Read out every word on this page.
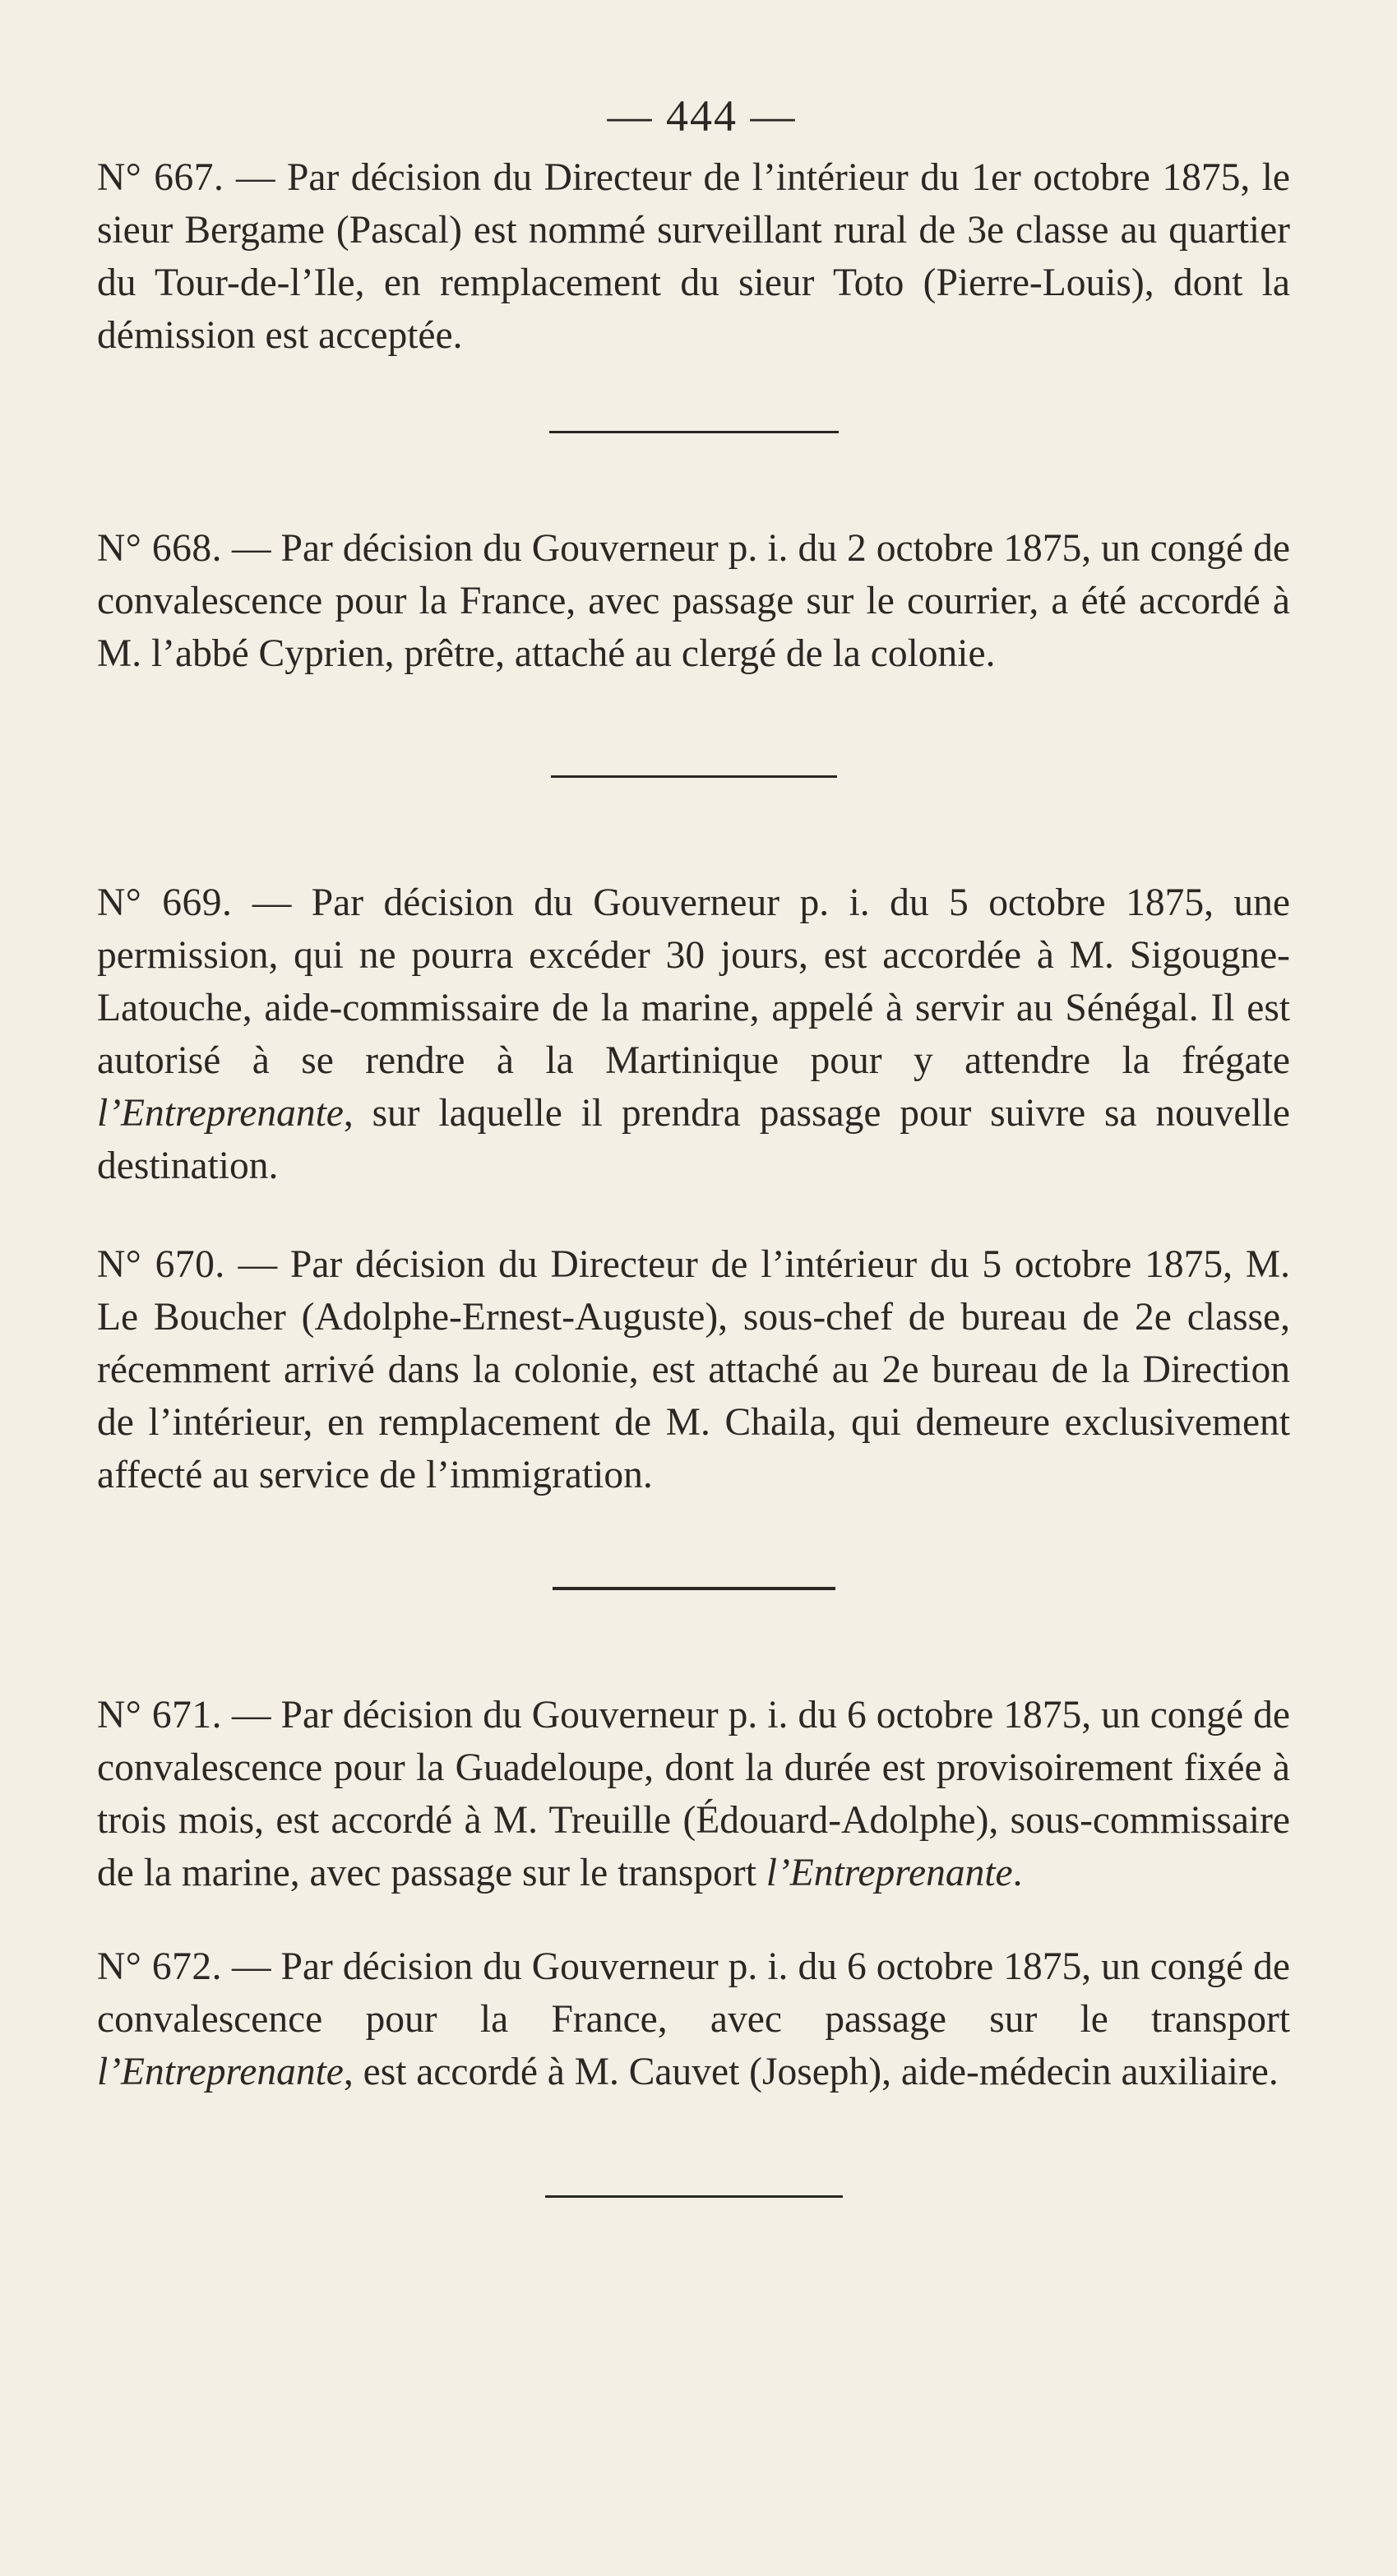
— 444 —

N° 667. — Par décision du Directeur de l’intérieur du 1er octobre 1875, le sieur Bergame (Pascal) est nommé surveillant rural de 3e classe au quartier du Tour-de-l’Ile, en remplacement du sieur Toto (Pierre-Louis), dont la démission est acceptée.

N° 668. — Par décision du Gouverneur p. i. du 2 octobre 1875, un congé de convalescence pour la France, avec passage sur le courrier, a été accordé à M. l’abbé Cyprien, prêtre, attaché au clergé de la colonie.

N° 669. — Par décision du Gouverneur p. i. du 5 octobre 1875, une permission, qui ne pourra excéder 30 jours, est accordée à M. Sigougne-Latouche, aide-commissaire de la marine, appelé à servir au Sénégal. Il est autorisé à se rendre à la Martinique pour y attendre la frégate l’Entreprenante, sur laquelle il prendra passage pour suivre sa nouvelle destination.

N° 670. — Par décision du Directeur de l’intérieur du 5 octobre 1875, M. Le Boucher (Adolphe-Ernest-Auguste), sous-chef de bureau de 2e classe, récemment arrivé dans la colonie, est attaché au 2e bureau de la Direction de l’intérieur, en remplacement de M. Chaila, qui demeure exclusivement affecté au service de l’immigration.

N° 671. — Par décision du Gouverneur p. i. du 6 octobre 1875, un congé de convalescence pour la Guadeloupe, dont la durée est provisoirement fixée à trois mois, est accordé à M. Treuille (Édouard-Adolphe), sous-commissaire de la marine, avec passage sur le transport l’Entreprenante.

N° 672. — Par décision du Gouverneur p. i. du 6 octobre 1875, un congé de convalescence pour la France, avec passage sur le transport l’Entreprenante, est accordé à M. Cauvet (Joseph), aide-médecin auxiliaire.
